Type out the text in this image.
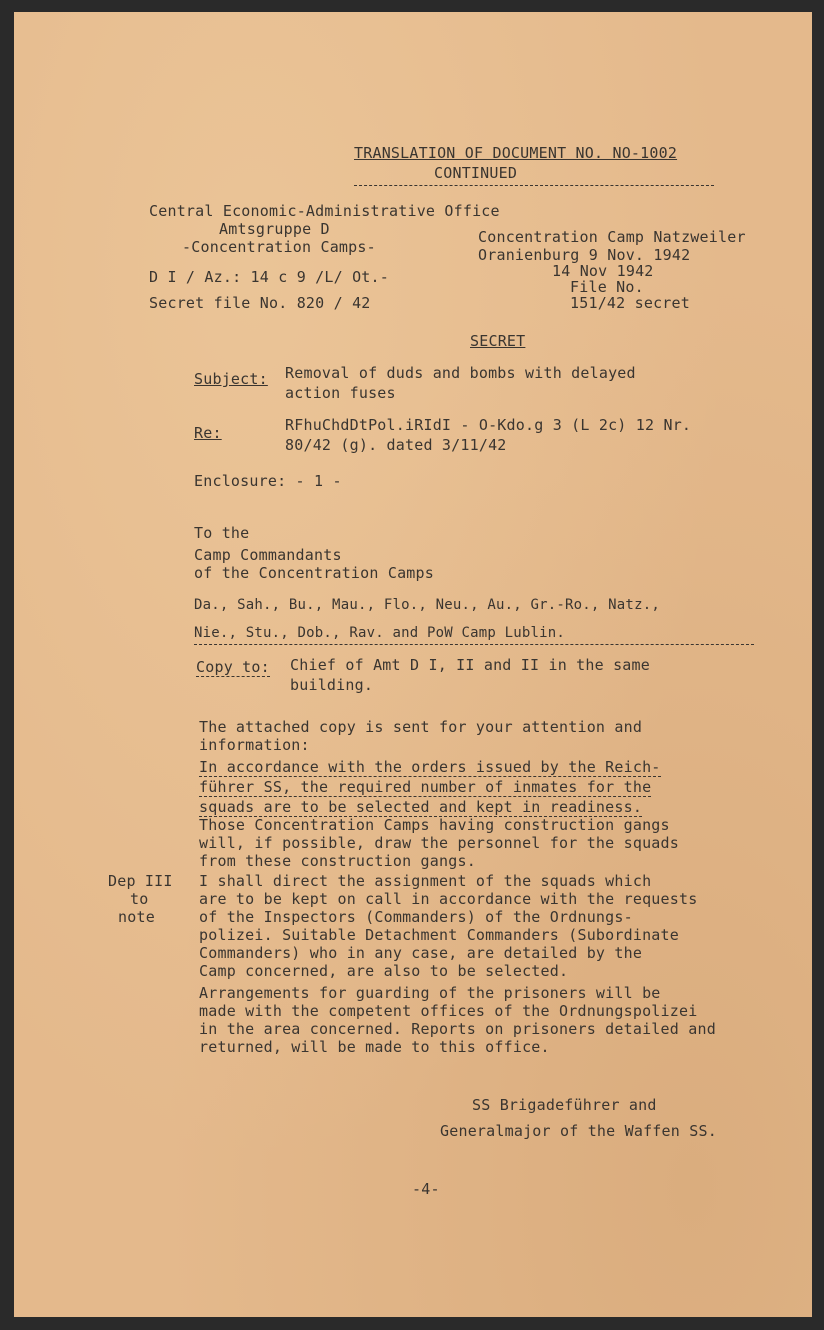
TRANSLATION OF DOCUMENT NO. NO-1002
CONTINUED
Central Economic-Administrative Office
Amtsgruppe D
-Concentration Camps-
D I / Az.: 14 c 9 /L/ Ot.-
Secret file No. 820 / 42
Concentration Camp Natzweiler
Oranienburg 9 Nov. 1942
14 Nov 1942
File No.
151/42 secret
SECRET
Subject: Removal of duds and bombs with delayed
action fuses
Re:	RFhuChdDtPol.iRIdI - O-Kdo.g 3 (L 2c) 12 Nr.
80/42 (g). dated 3/11/42
Enclosure: - 1 -
To the
Camp Commandants
of the Concentration Camps
Da., Sah., Bu., Mau., Flo., Neu., Au., Gr.-Ro., Natz.,
Nie., Stu., Dob., Rav. and PoW Camp Lublin.
Copy to: Chief of Amt D I, II and II in the same
building.
The attached copy is sent for your attention and
information:
In accordance with the orders issued by the Reich-
führer SS, the required number of inmates for the
squads are to be selected and kept in readiness.
Those Concentration Camps having construction gangs
will, if possible, draw the personnel for the squads
from these construction gangs.
Dep III
to
note
I shall direct the assignment of the squads which
are to be kept on call in accordance with the requests
of the Inspectors (Commanders) of the Ordnungs-
polizei. Suitable Detachment Commanders (Subordinate
Commanders) who in any case, are detailed by the
Camp concerned, are also to be selected.
Arrangements for guarding of the prisoners will be
made with the competent offices of the Ordnungspolizei
in the area concerned. Reports on prisoners detailed and
returned, will be made to this office.
SS Brigadeführer and
Generalmajor of the Waffen SS.
-4-
